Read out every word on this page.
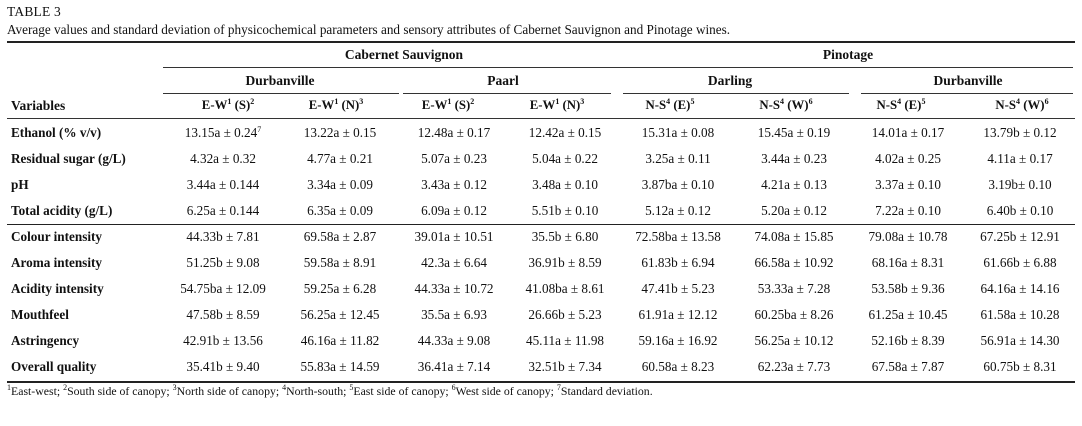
TABLE 3
Average values and standard deviation of physicochemical parameters and sensory attributes of Cabernet Sauvignon and Pinotage wines.
Cabernet Sauvignon	Pinotage
Durbanville	Paarl	Darling	Durbanville
Variables	$E-W^1$ $(S)^2$	$E-W^1$ $(N)^3$	$E-W^1$ $(S)^2$	$E-W^1$ $(N)^3$	$N-S^4$ $(E)^5$	$N-S^4$ $(W)^6$	$N-S^4$ $(E)^5$	$N-S^4$ $(W)^6$
Ethanol (% v/v)	$13.15a \pm 0.24^7$	13.22a ± 0.15	12.48a ± 0.17	12.42a ± 0.15	15.31a ± 0.08	15.45a ± 0.19	14.01a ± 0.17	13.79b ± 0.12
Residual sugar (g/L)	4.32a ± 0.32	4.77a ± 0.21	5.07a ± 0.23	5.04a ± 0.22	3.25a ± 0.11	3.44a ± 0.23	4.02a ± 0.25	4.11a ± 0.17
pH	3.44a ± 0.144	3.34a ± 0.09	3.43a ± 0.12	3.48a ± 0.10	3.87ba ± 0.10	4.21a ± 0.13	3.37a ± 0.10	3.19b± 0.10
Total acidity (g/L)	6.25a ± 0.144	6.35a ± 0.09	6.09a ± 0.12	5.51b ± 0.10	5.12a ± 0.12	5.20a ± 0.12	7.22a ± 0.10	6.40b ± 0.10
Colour intensity	44.33b ± 7.81	69.58a ± 2.87	39.01a ± 10.51	35.5b ± 6.80	72.58ba ± 13.58	74.08a ± 15.85	79.08a ± 10.78	67.25b ± 12.91
Aroma intensity	51.25b ± 9.08	59.58a ± 8.91	42.3a ± 6.64	36.91b ± 8.59	61.83b ± 6.94	66.58a ± 10.92	68.16a ± 8.31	61.66b ± 6.88
Acidity intensity	54.75ba ± 12.09	59.25a ± 6.28	44.33a ± 10.72	41.08ba ± 8.61	47.41b ± 5.23	53.33a ± 7.28	53.58b ± 9.36	64.16a ± 14.16
Mouthfeel	47.58b ± 8.59	56.25a ± 12.45	35.5a ± 6.93	26.66b ± 5.23	61.91a ± 12.12	60.25ba ± 8.26	61.25a ± 10.45	61.58a ± 10.28
Astringency	42.91b ± 13.56	46.16a ± 11.82	44.33a ± 9.08	45.11a ± 11.98	59.16a ± 16.92	56.25a ± 10.12	52.16b ± 8.39	56.91a ± 14.30
Overall quality	35.41b ± 9.40	55.83a ± 14.59	36.41a ± 7.14	32.51b ± 7.34	60.58a ± 8.23	62.23a ± 7.73	67.58a ± 7.87	60.75b ± 8.31
$^1$East-west; $^2$South side of canopy; $^3$North side of canopy; $^4$North-south; $^5$East side of canopy; $^6$West side of canopy; $^7$Standard deviation.
